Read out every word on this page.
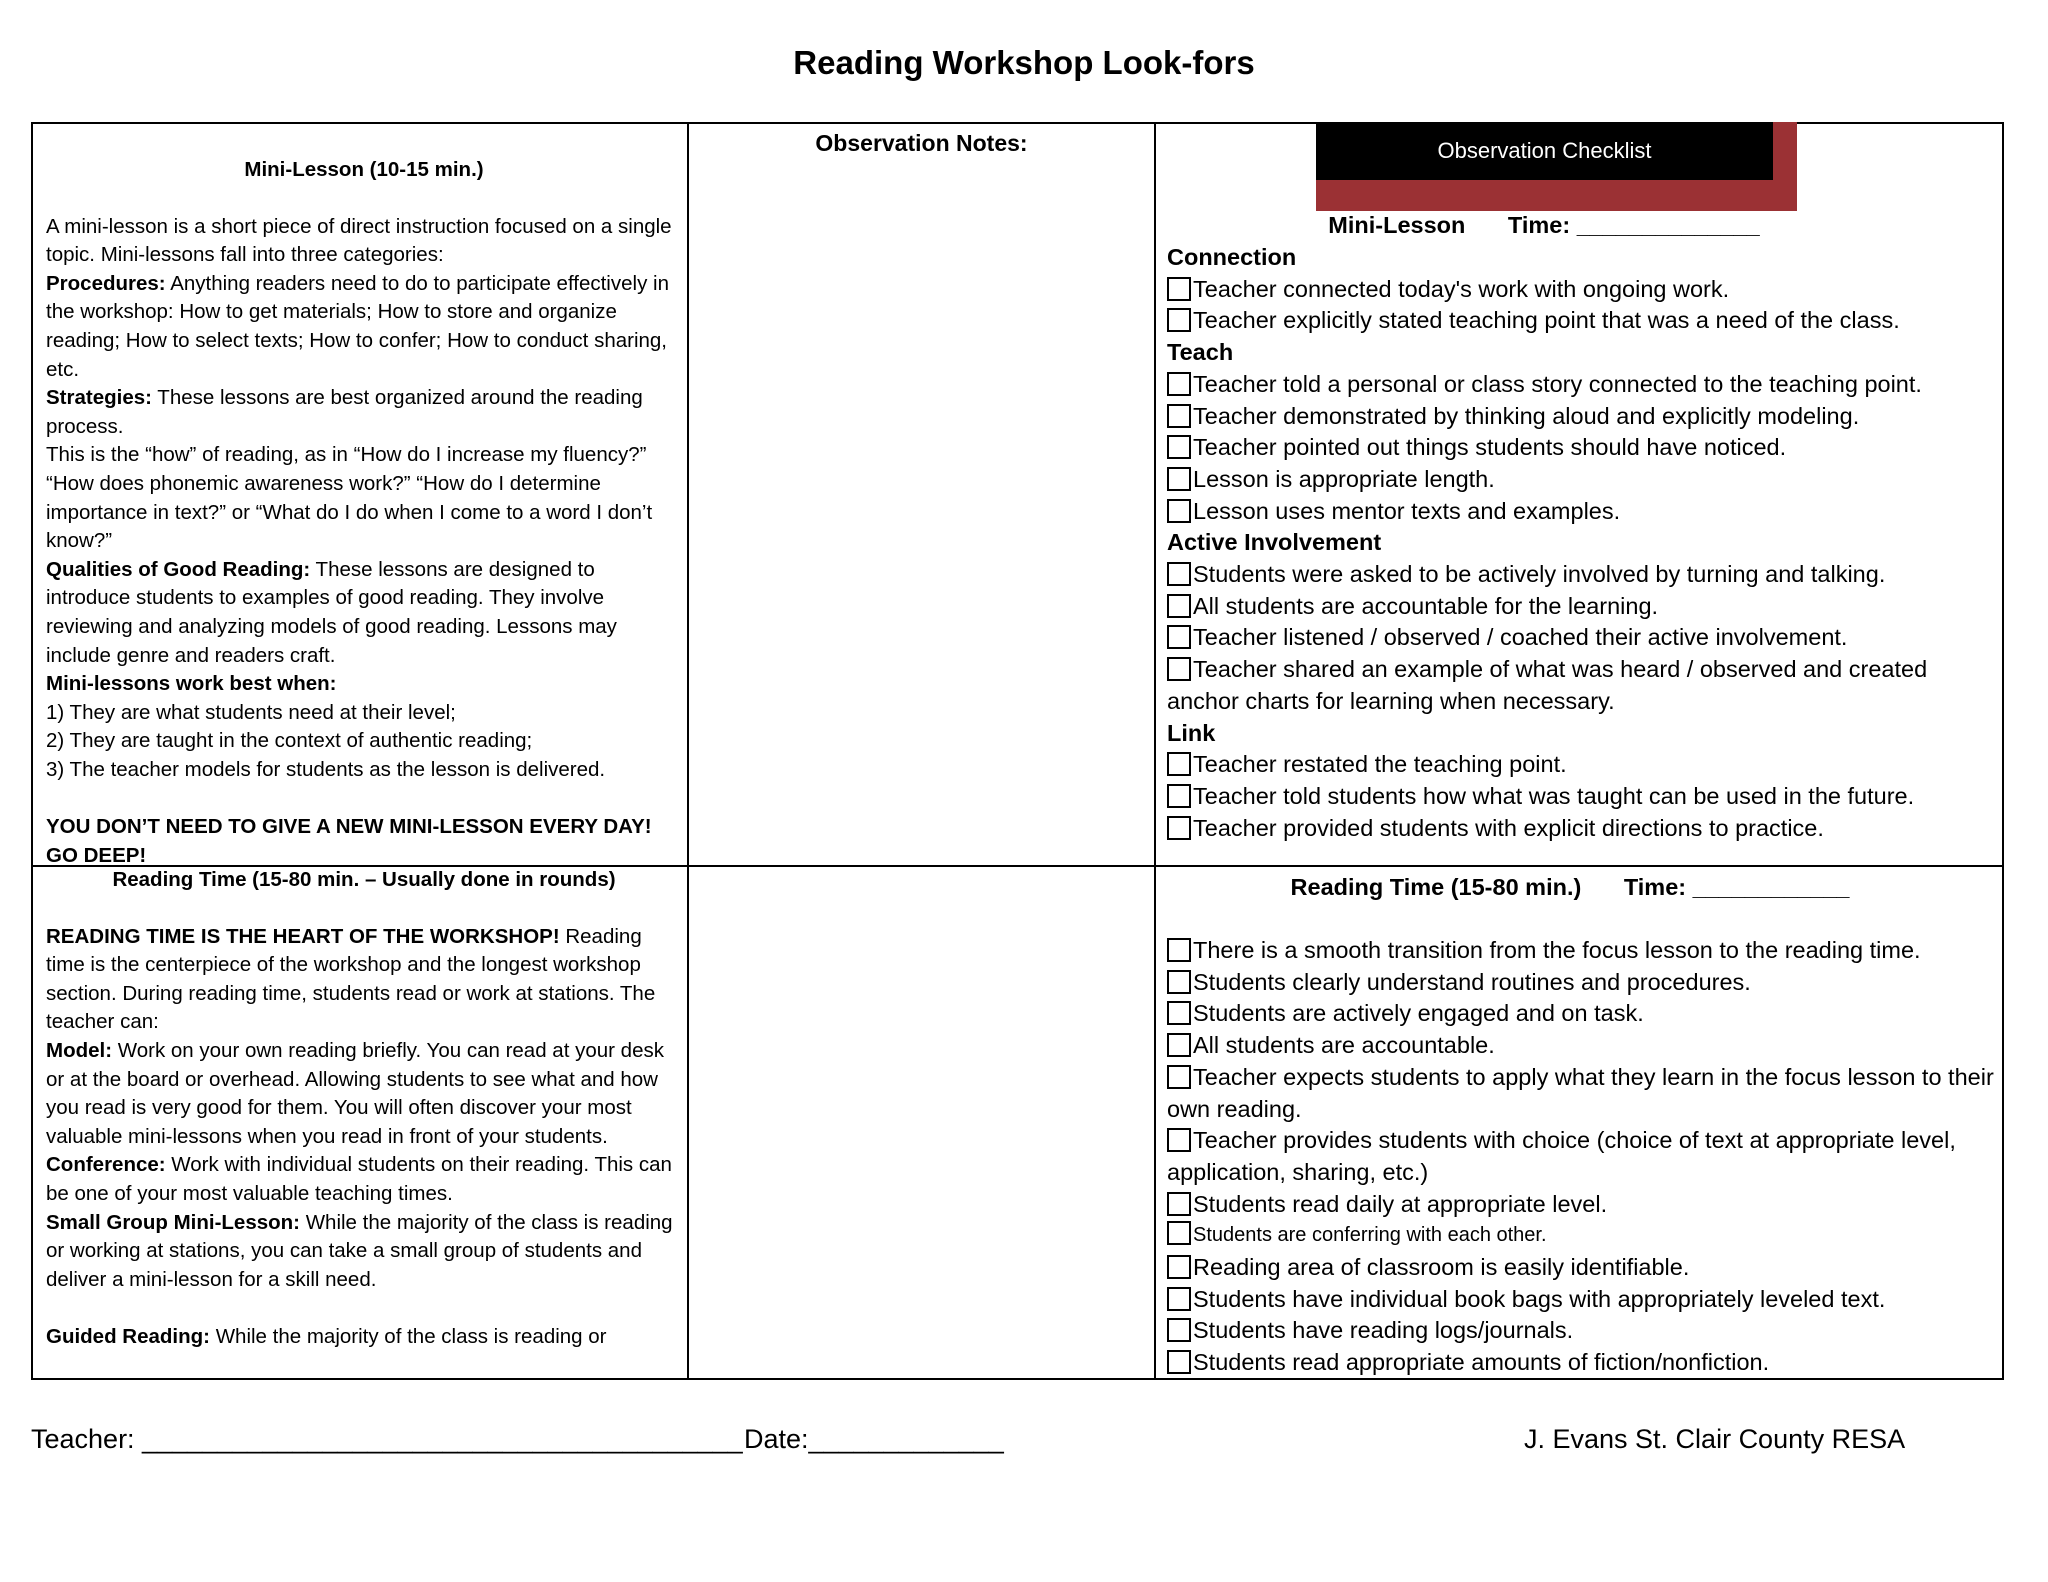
Reading Workshop Look-fors

Mini-Lesson (10-15 min.)

A mini-lesson is a short piece of direct instruction focused on a single topic. Mini-lessons fall into three categories:

Procedures: Anything readers need to do to participate effectively in the workshop: How to get materials; How to store and organize reading; How to select texts; How to confer; How to conduct sharing, etc.

Strategies: These lessons are best organized around the reading process.

This is the “how” of reading, as in “How do I increase my fluency?” “How does phonemic awareness work?” “How do I determine importance in text?” or “What do I do when I come to a word I don’t know?”

Qualities of Good Reading: These lessons are designed to introduce students to examples of good reading. They involve reviewing and analyzing models of good reading. Lessons may include genre and readers craft.

Mini-lessons work best when:

1) They are what students need at their level;

2) They are taught in the context of authentic reading;

3) The teacher models for students as the lesson is delivered.

YOU DON’T NEED TO GIVE A NEW MINI-LESSON EVERY DAY! GO DEEP!

Reading Time (15-80 min. – Usually done in rounds)

READING TIME IS THE HEART OF THE WORKSHOP! Reading time is the centerpiece of the workshop and the longest workshop section. During reading time, students read or work at stations. The teacher can:

Model: Work on your own reading briefly. You can read at your desk or at the board or overhead. Allowing students to see what and how you read is very good for them. You will often discover your most valuable mini-lessons when you read in front of your students.

Conference: Work with individual students on their reading. This can be one of your most valuable teaching times.

Small Group Mini-Lesson: While the majority of the class is reading or working at stations, you can take a small group of students and deliver a mini-lesson for a skill need.

Guided Reading: While the majority of the class is reading or

Observation Notes:
Mini-Lesson Time: ______________
Connection
Teacher connected today's work with ongoing work.
Teacher explicitly stated teaching point that was a need of the class.
Teach
Teacher told a personal or class story connected to the teaching point.
Teacher demonstrated by thinking aloud and explicitly modeling.
Teacher pointed out things students should have noticed.
Lesson is appropriate length.
Lesson uses mentor texts and examples.
Active Involvement
Students were asked to be actively involved by turning and talking.
All students are accountable for the learning.
Teacher listened / observed / coached their active involvement.
Teacher shared an example of what was heard / observed and created anchor charts for learning when necessary.
Link
Teacher restated the teaching point.
Teacher told students how what was taught can be used in the future.
Teacher provided students with explicit directions to practice.
Reading Time (15-80 min.) Time: ____________
There is a smooth transition from the focus lesson to the reading time.
Students clearly understand routines and procedures.
Students are actively engaged and on task.
All students are accountable.
Teacher expects students to apply what they learn in the focus lesson to their own reading.
Teacher provides students with choice (choice of text at appropriate level, application, sharing, etc.)
Students read daily at appropriate level.
Students are conferring with each other.
Reading area of classroom is easily identifiable.
Students have individual book bags with appropriately leveled text.
Students have reading logs/journals.
Students read appropriate amounts of fiction/nonfiction.
Observation Checklist
Teacher: ________________________________________ Date:_____________	J. Evans St. Clair County RESA
